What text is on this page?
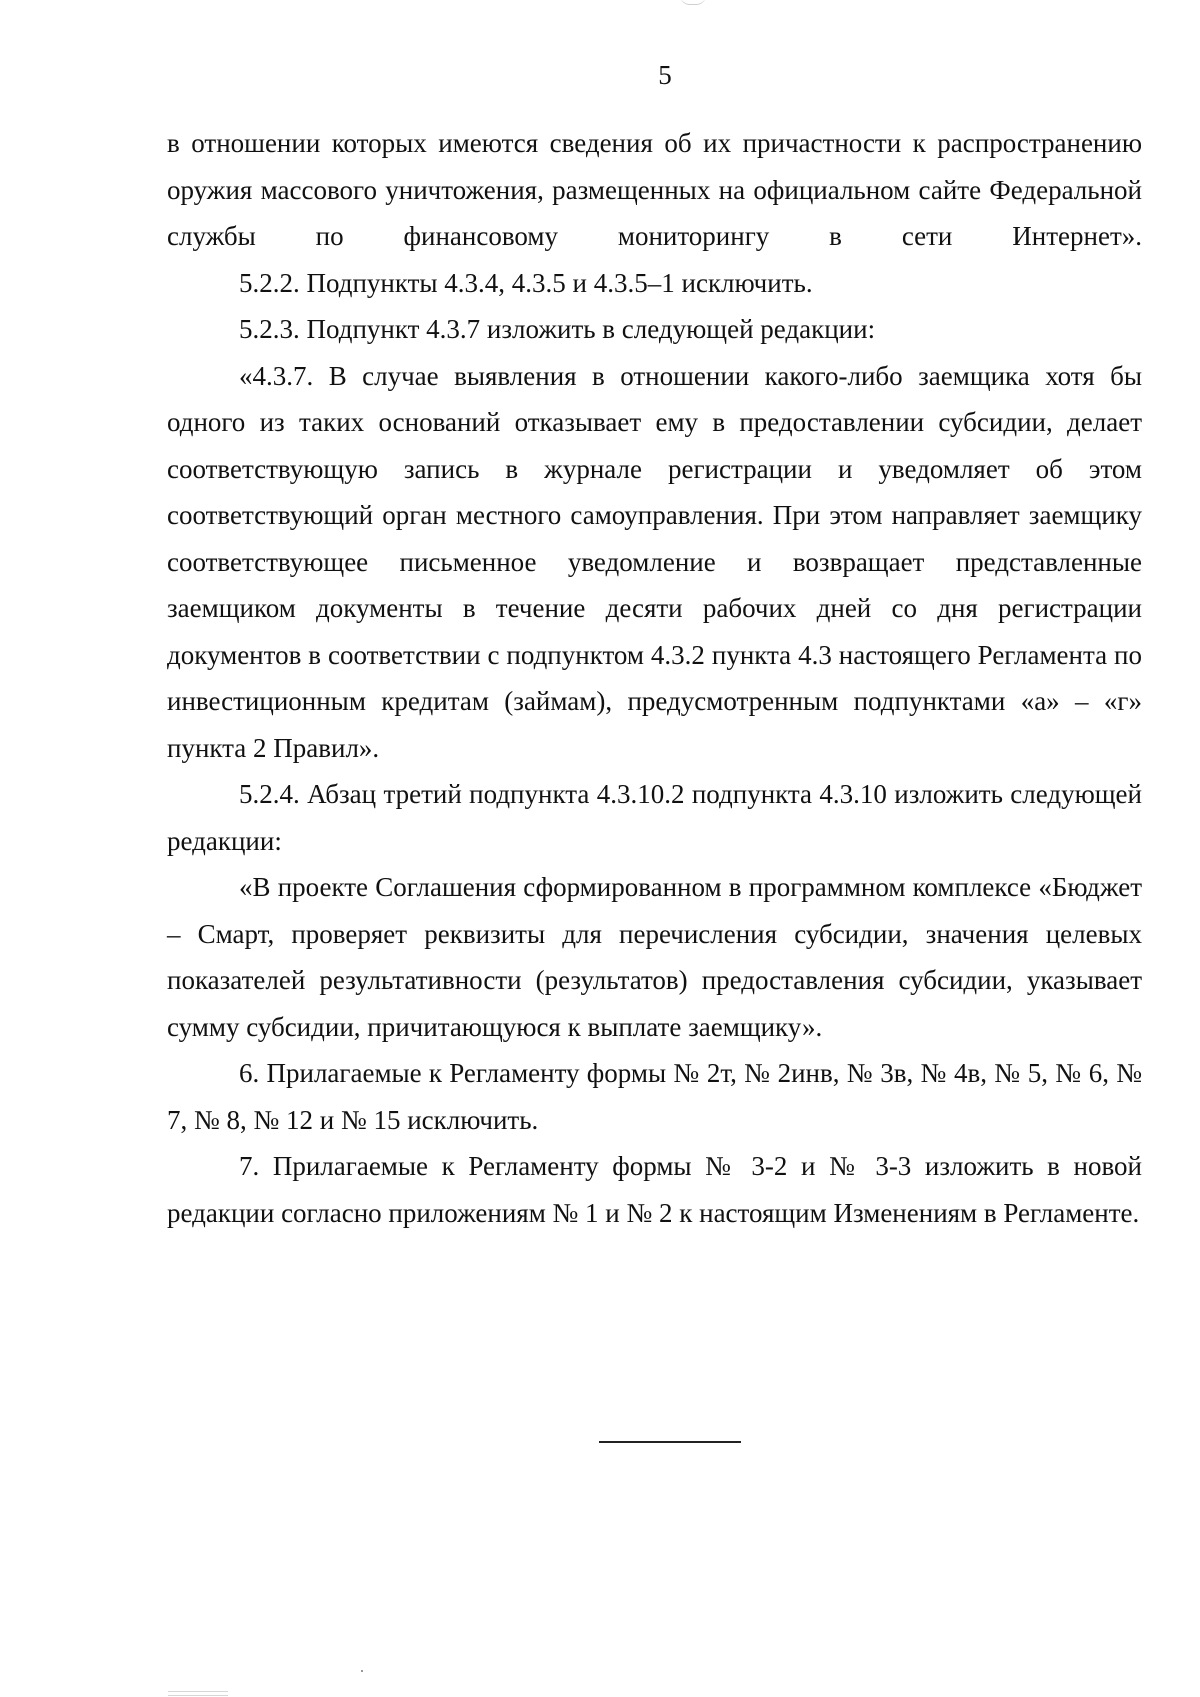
5

в отношении которых имеются сведения об их причастности к распространению оружия массового уничтожения, размещенных на официальном сайте Федеральной службы по финансовому мониторингу в сети Интернет».

5.2.2. Подпункты 4.3.4, 4.3.5 и 4.3.5–1 исключить.

5.2.3. Подпункт 4.3.7 изложить в следующей редакции:

«4.3.7. В случае выявления в отношении какого-либо заемщика хотя бы одного из таких оснований отказывает ему в предоставлении субсидии, делает соответствующую запись в журнале регистрации и уведомляет об этом соответствующий орган местного самоуправления. При этом направляет заемщику соответствующее письменное уведомление и возвращает представленные заемщиком документы в течение десяти рабочих дней со дня регистрации документов в соответствии с подпунктом 4.3.2 пункта 4.3 настоящего Регламента по инвестиционным кредитам (займам), предусмотренным подпунктами «а» – «г» пункта 2 Правил».

5.2.4. Абзац третий подпункта 4.3.10.2 подпункта 4.3.10 изложить следующей редакции:

«В проекте Соглашения сформированном в программном комплексе «Бюджет – Смарт, проверяет реквизиты для перечисления субсидии, значения целевых показателей результативности (результатов) предоставления субсидии, указывает сумму субсидии, причитающуюся к выплате заемщику».

6. Прилагаемые к Регламенту формы № 2т, № 2инв, № 3в, № 4в, № 5, № 6, № 7, № 8, № 12 и № 15 исключить.

7. Прилагаемые к Регламенту формы № 3-2 и № 3-3 изложить в новой редакции согласно приложениям № 1 и № 2 к настоящим Изменениям в Регламенте.
